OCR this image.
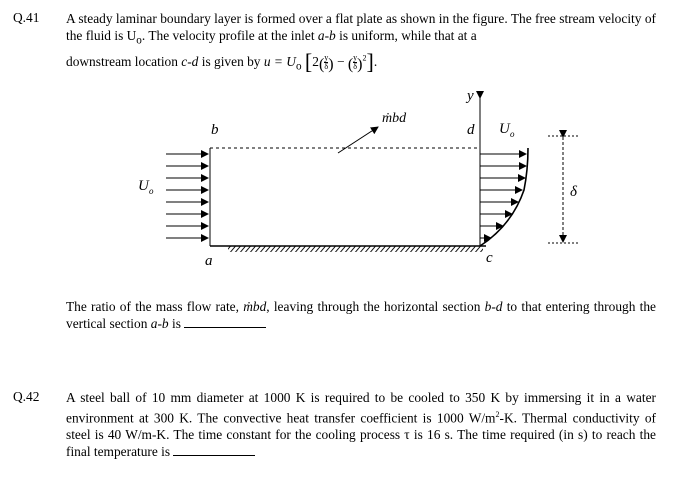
Q.41 A steady laminar boundary layer is formed over a flat plate as shown in the figure. The free stream velocity of the fluid is $U_o$. The velocity profile at the inlet a-b is uniform, while that at a
downstream location c-d is given by $u = U_o$ [$2( \frac{y}{\delta}$ ) − ( $\frac{y}{\delta} )^2$].
b
a
d
c
y
ṁbd
U o
U o
δ
The ratio of the mass flow rate, ṁbd, leaving through the horizontal section b-d to that entering through the vertical section a-b is
Q.42 A steel ball of 10 mm diameter at 1000 K is required to be cooled to 350 K by immersing it in a water environment at 300 K. The convective heat transfer coefficient is 1000 $W/m^2-K$. Thermal conductivity of steel is 40 W/m-K. The time constant for the cooling process τ is 16 s. The time required (in s) to reach the final temperature is
